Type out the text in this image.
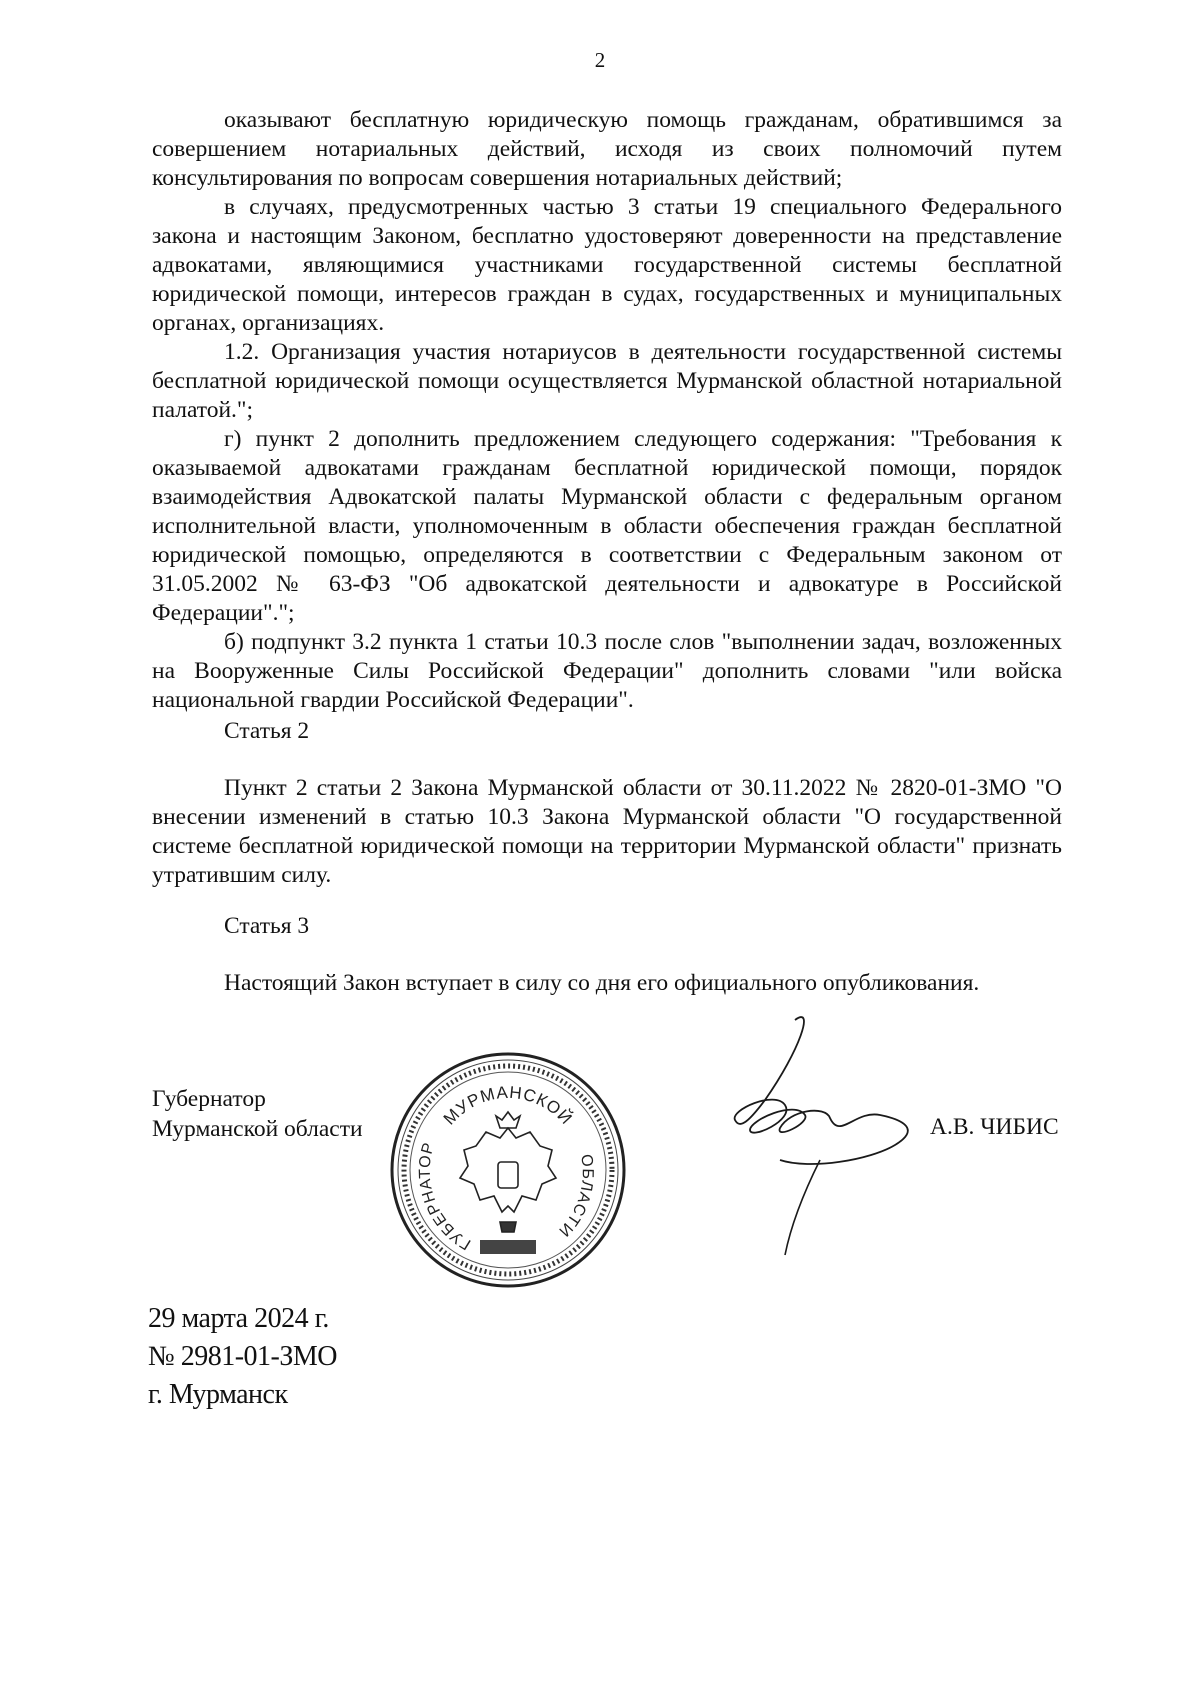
2

оказывают бесплатную юридическую помощь гражданам, обратившимся за совершением нотариальных действий, исходя из своих полномочий путем консультирования по вопросам совершения нотариальных действий;

в случаях, предусмотренных частью 3 статьи 19 специального Федерального закона и настоящим Законом, бесплатно удостоверяют доверенности на представление адвокатами, являющимися участниками государственной системы бесплатной юридической помощи, интересов граждан в судах, государственных и муниципальных органах, организациях.

1.2. Организация участия нотариусов в деятельности государственной системы бесплатной юридической помощи осуществляется Мурманской областной нотариальной палатой.";

г) пункт 2 дополнить предложением следующего содержания: "Требования к оказываемой адвокатами гражданам бесплатной юридической помощи, порядок взаимодействия Адвокатской палаты Мурманской области с федеральным органом исполнительной власти, уполномоченным в области обеспечения граждан бесплатной юридической помощью, определяются в соответствии с Федеральным законом от 31.05.2002 № 63-ФЗ "Об адвокатской деятельности и адвокатуре в Российской Федерации".";

б) подпункт 3.2 пункта 1 статьи 10.3 после слов "выполнении задач, возложенных на Вооруженные Силы Российской Федерации" дополнить словами "или войска национальной гвардии Российской Федерации".

Статья 2

Пункт 2 статьи 2 Закона Мурманской области от 30.11.2022 № 2820-01-ЗМО "О внесении изменений в статью 10.3 Закона Мурманской области "О государственной системе бесплатной юридической помощи на территории Мурманской области" признать утратившим силу.

Статья 3

Настоящий Закон вступает в силу со дня его официального опубликования.

Губернатор
Мурманской области	МУРМАНСКОЙ
ГУБЕРНАТОР
ОБЛАСТИ
А.В. ЧИБИС
29 марта 2024 г.
№ 2981-01-ЗМО
г. Мурманск
